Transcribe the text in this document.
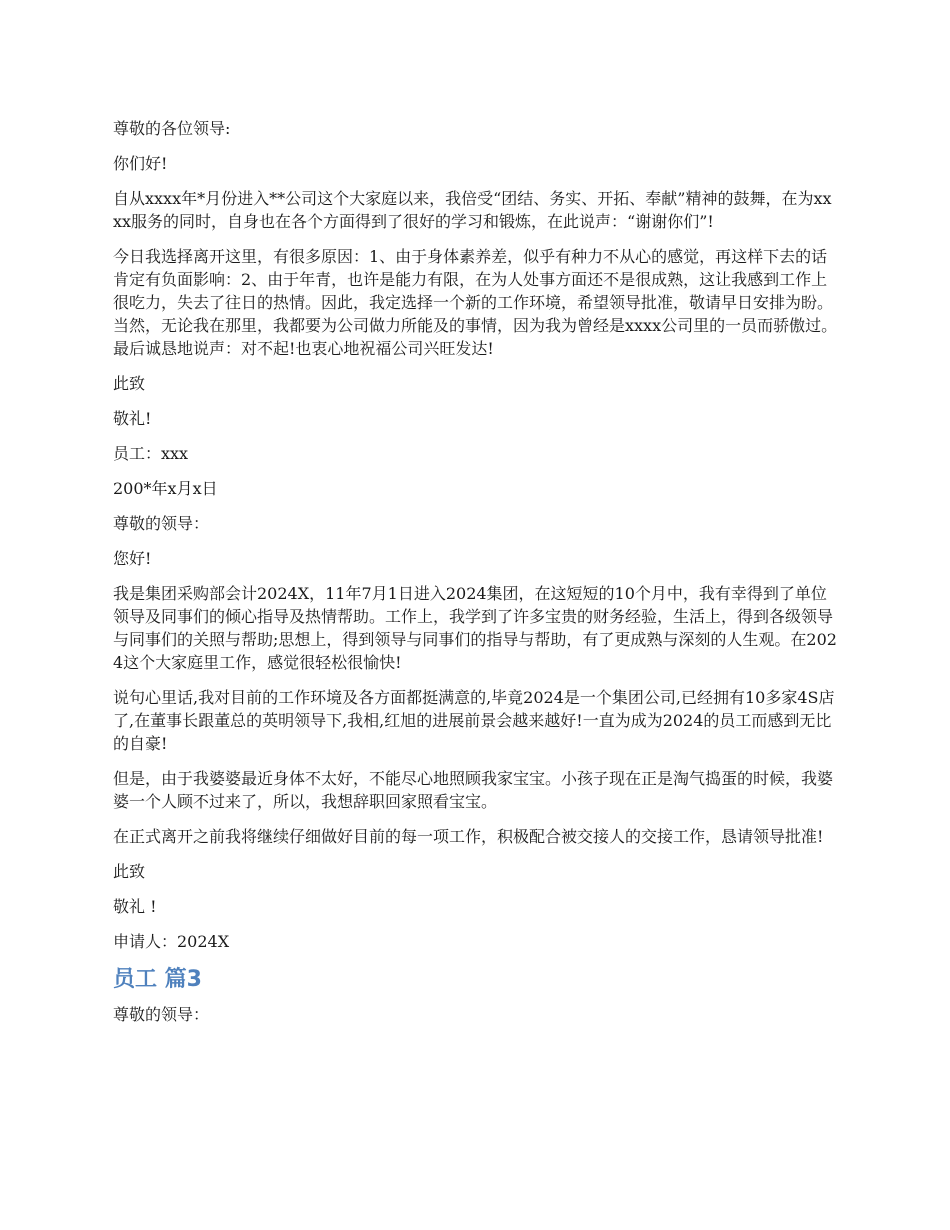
尊敬的各位领导:

你们好!

自从xxxx年*月份进入**公司这个大家庭以来，我倍受“团结、务实、开拓、奉献”精神的鼓舞，在为xxxx服务的同时，自身也在各个方面得到了很好的学习和锻炼，在此说声：“谢谢你们”!

今日我选择离开这里，有很多原因：1、由于身体素养差，似乎有种力不从心的感觉，再这样下去的话肯定有负面影响：2、由于年青，也许是能力有限，在为人处事方面还不是很成熟，这让我感到工作上很吃力，失去了往日的热情。因此，我定选择一个新的工作环境，希望领导批准，敬请早日安排为盼。 当然，无论我在那里，我都要为公司做力所能及的事情，因为我为曾经是xxxx公司里的一员而骄傲过。最后诚恳地说声：对不起!也衷心地祝福公司兴旺发达!

此致

敬礼!

员工：xxx

200*年x月x日

尊敬的领导：

您好!

我是集团采购部会计2024X，11年7月1日进入2024集团，在这短短的10个月中，我有幸得到了单位领导及同事们的倾心指导及热情帮助。工作上，我学到了许多宝贵的财务经验，生活上，得到各级领导与同事们的关照与帮助;思想上，得到领导与同事们的指导与帮助，有了更成熟与深刻的人生观。在2024这个大家庭里工作，感觉很轻松很愉快!

说句心里话,我对目前的工作环境及各方面都挺满意的,毕竟2024是一个集团公司,已经拥有10多家4S店了,在董事长跟董总的英明领导下,我相,红旭的进展前景会越来越好!一直为成为2024的员工而感到无比的自豪!

但是，由于我婆婆最近身体不太好，不能尽心地照顾我家宝宝。小孩子现在正是淘气捣蛋的时候，我婆婆一个人顾不过来了，所以，我想辞职回家照看宝宝。

在正式离开之前我将继续仔细做好目前的每一项工作，积极配合被交接人的交接工作，恳请领导批准!

此致

敬礼 !

申请人：2024X

员工 篇3

尊敬的领导：
